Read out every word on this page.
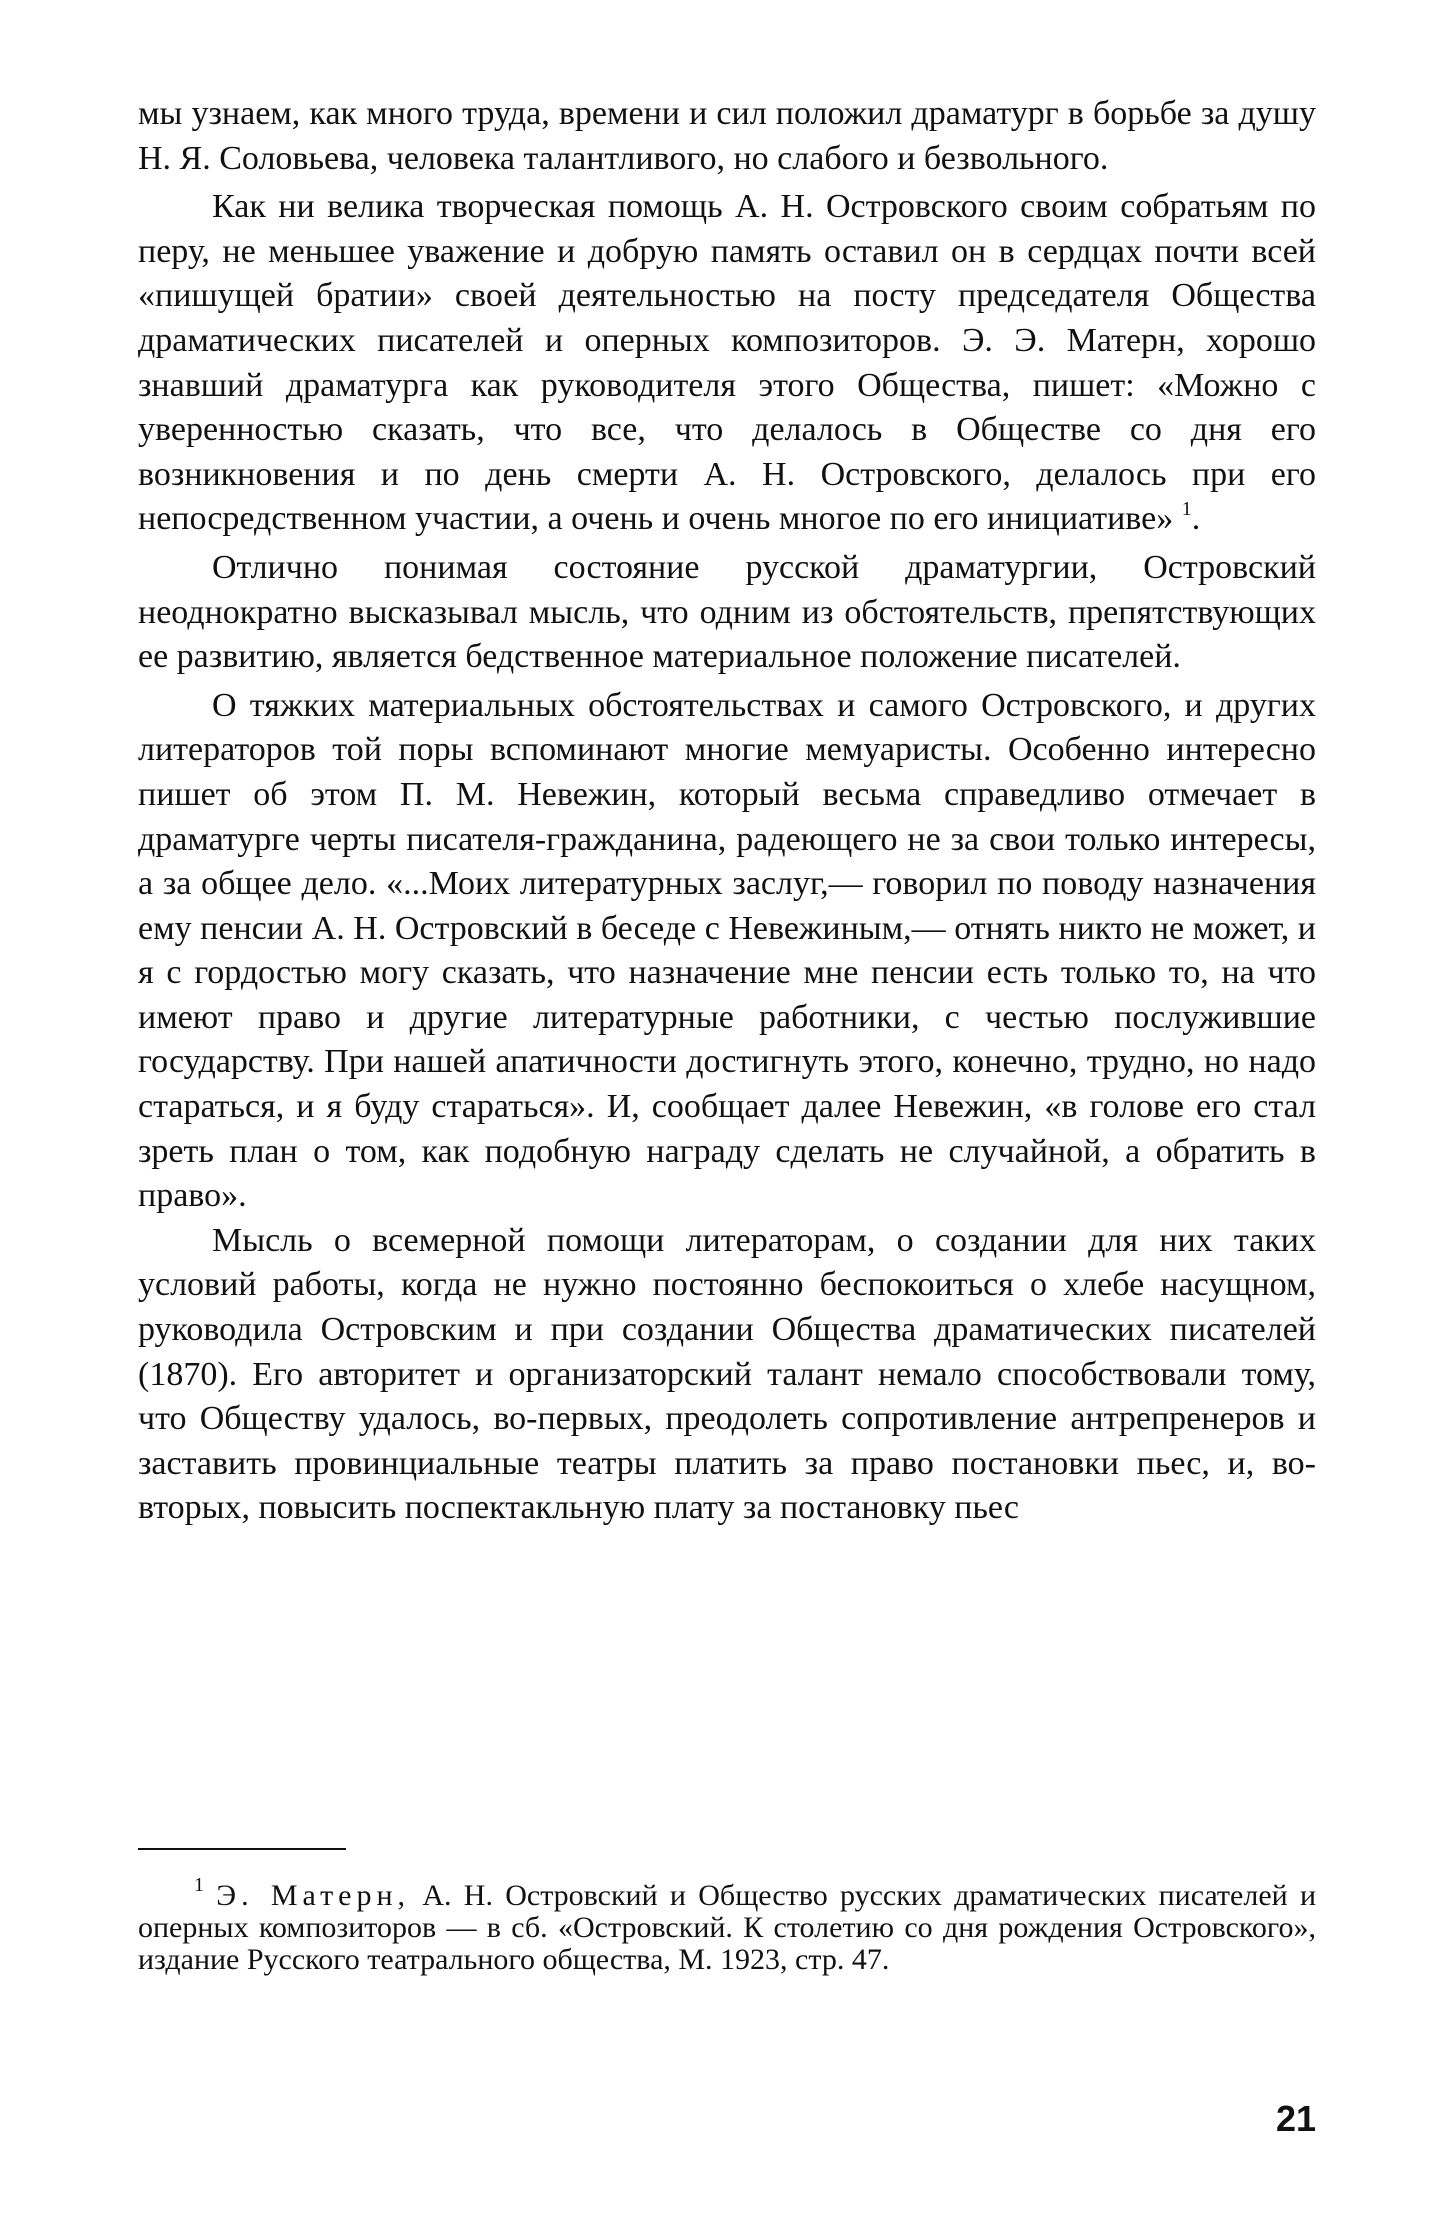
мы узнаем, как много труда, времени и сил положил драматург в борьбе за душу Н. Я. Соловьева, человека талантливого, но слабого и безвольного.

Как ни велика творческая помощь А. Н. Островского своим собратьям по перу, не меньшее уважение и добрую память оставил он в сердцах почти всей «пишущей братии» своей деятельностью на посту председателя Общества драматических писателей и оперных композиторов. Э. Э. Матерн, хорошо знавший драматурга как руководителя этого Общества, пишет: «Можно с уверенностью сказать, что все, что делалось в Обществе со дня его возникновения и по день смерти А. Н. Островского, делалось при его непосредственном участии, а очень и очень многое по его инициативе» $^1$.

Отлично понимая состояние русской драматургии, Островский неоднократно высказывал мысль, что одним из обстоятельств, препятствующих ее развитию, является бедственное материальное положение писателей.

О тяжких материальных обстоятельствах и самого Островского, и других литераторов той поры вспоминают многие мемуаристы. Особенно интересно пишет об этом П. М. Невежин, который весьма справедливо отмечает в драматурге черты писателя-гражданина, радеющего не за свои только интересы, а за общее дело. «...Моих литературных заслуг,— говорил по поводу назначения ему пенсии А. Н. Островский в беседе с Невежиным,— отнять никто не может, и я с гордостью могу сказать, что назначение мне пенсии есть только то, на что имеют право и другие литературные работники, с честью послужившие государству. При нашей апатичности достигнуть этого, конечно, трудно, но надо стараться, и я буду стараться». И, сообщает далее Невежин, «в голове его стал зреть план о том, как подобную награду сделать не случайной, а обратить в право».

Мысль о всемерной помощи литераторам, о создании для них таких условий работы, когда не нужно постоянно беспокоиться о хлебе насущном, руководила Островским и при создании Общества драматических писателей (1870). Его авторитет и организаторский талант немало способствовали тому, что Обществу удалось, во-первых, преодолеть сопротивление антрепренеров и заставить провинциальные театры платить за право постановки пьес, и, во-вторых, повысить поспектакльную плату за постановку пьес

$^1$ Э. Матерн, А. Н. Островский и Общество русских драматических писателей и оперных композиторов — в сб. «Островский. К столетию со дня рождения Островского», издание Русского театрального общества, М. 1923, стр. 47.

21
